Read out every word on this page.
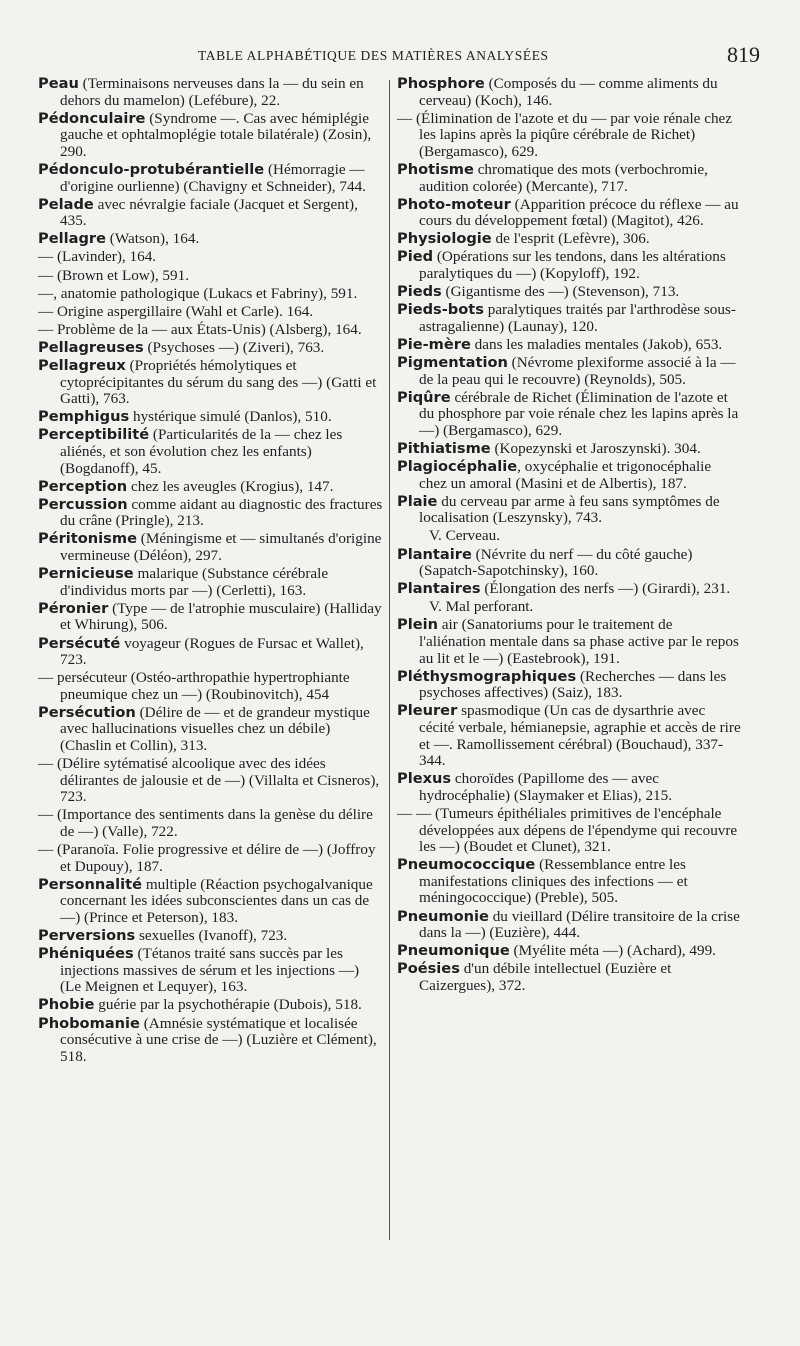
TABLE ALPHABÉTIQUE DES MATIÈRES ANALYSÉES	819
Peau (Terminaisons nerveuses dans la — du sein en dehors du mamelon) (Lefébure), 22.
Pédonculaire (Syndrome —. Cas avec hémiplégie gauche et ophtalmoplégie totale bilatérale) (Zosin), 290.
Pédonculo-protubérantielle (Hémorragie — d'origine ourlienne) (Chavigny et Schneider), 744.
Pelade avec névralgie faciale (Jacquet et Sergent), 435.
Pellagre (Watson), 164.
— (Lavinder), 164.
— (Brown et Low), 591.
—, anatomie pathologique (Lukacs et Fabriny), 591.
— Origine aspergillaire (Wahl et Carle). 164.
— Problème de la — aux États-Unis) (Alsberg), 164.
Pellagreuses (Psychoses —) (Ziveri), 763.
Pellagreux (Propriétés hémolytiques et cytoprécipitantes du sérum du sang des —) (Gatti et Gatti), 763.
Pemphigus hystérique simulé (Danlos), 510.
Perceptibilité (Particularités de la — chez les aliénés, et son évolution chez les enfants) (Bogdanoff), 45.
Perception chez les aveugles (Krogius), 147.
Percussion comme aidant au diagnostic des fractures du crâne (Pringle), 213.
Péritonisme (Méningisme et — simultanés d'origine vermineuse (Déléon), 297.
Pernicieuse malarique (Substance cérébrale d'individus morts par —) (Cerletti), 163.
Péronier (Type — de l'atrophie musculaire) (Halliday et Whirung), 506.
Persécuté voyageur (Rogues de Fursac et Wallet), 723.
— persécuteur (Ostéo-arthropathie hypertrophiante pneumique chez un —) (Roubinovitch), 454
Persécution (Délire de — et de grandeur mystique avec hallucinations visuelles chez un débile) (Chaslin et Collin), 313.
— (Délire sytématisé alcoolique avec des idées délirantes de jalousie et de —) (Villalta et Cisneros), 723.
— (Importance des sentiments dans la genèse du délire de —) (Valle), 722.
— (Paranoïa. Folie progressive et délire de —) (Joffroy et Dupouy), 187.
Personnalité multiple (Réaction psychogalvanique concernant les idées subconscientes dans un cas de —) (Prince et Peterson), 183.
Perversions sexuelles (Ivanoff), 723.
Phéniquées (Tétanos traité sans succès par les injections massives de sérum et les injections —) (Le Meignen et Lequyer), 163.
Phobie guérie par la psychothérapie (Dubois), 518.
Phobomanie (Amnésie systématique et localisée consécutive à une crise de —) (Luzière et Clément), 518.
Phosphore (Composés du — comme aliments du cerveau) (Koch), 146.
— (Élimination de l'azote et du — par voie rénale chez les lapins après la piqûre cérébrale de Richet) (Bergamasco), 629.
Photisme chromatique des mots (verbochromie, audition colorée) (Mercante), 717.
Photo-moteur (Apparition précoce du réflexe — au cours du développement fœtal) (Magitot), 426.
Physiologie de l'esprit (Lefèvre), 306.
Pied (Opérations sur les tendons, dans les altérations paralytiques du —) (Kopyloff), 192.
Pieds (Gigantisme des —) (Stevenson), 713.
Pieds-bots paralytiques traités par l'arthrodèse sous-astragalienne) (Launay), 120.
Pie-mère dans les maladies mentales (Jakob), 653.
Pigmentation (Névrome plexiforme associé à la — de la peau qui le recouvre) (Reynolds), 505.
Piqûre cérébrale de Richet (Élimination de l'azote et du phosphore par voie rénale chez les lapins après la —) (Bergamasco), 629.
Pithiatisme (Kopezynski et Jaroszynski). 304.
Plagiocéphalie, oxycéphalie et trigonocéphalie chez un amoral (Masini et de Albertis), 187.
Plaie du cerveau par arme à feu sans symptômes de localisation (Leszynsky), 743.
V. Cerveau.
Plantaire (Névrite du nerf — du côté gauche) (Sapatch-Sapotchinsky), 160.
Plantaires (Élongation des nerfs —) (Girardi), 231.
V. Mal perforant.
Plein air (Sanatoriums pour le traitement de l'aliénation mentale dans sa phase active par le repos au lit et le —) (Eastebrook), 191.
Pléthysmographiques (Recherches — dans les psychoses affectives) (Saiz), 183.
Pleurer spasmodique (Un cas de dysarthrie avec cécité verbale, hémianepsie, agraphie et accès de rire et —. Ramollissement cérébral) (Bouchaud), 337-344.
Plexus choroïdes (Papillome des — avec hydrocéphalie) (Slaymaker et Elias), 215.
— — (Tumeurs épithéliales primitives de l'encéphale développées aux dépens de l'épendyme qui recouvre les —) (Boudet et Clunet), 321.
Pneumococcique (Ressemblance entre les manifestations cliniques des infections — et méningococcique) (Preble), 505.
Pneumonie du vieillard (Délire transitoire de la crise dans la —) (Euzière), 444.
Pneumonique (Myélite méta —) (Achard), 499.
Poésies d'un débile intellectuel (Euzière et Caizergues), 372.
